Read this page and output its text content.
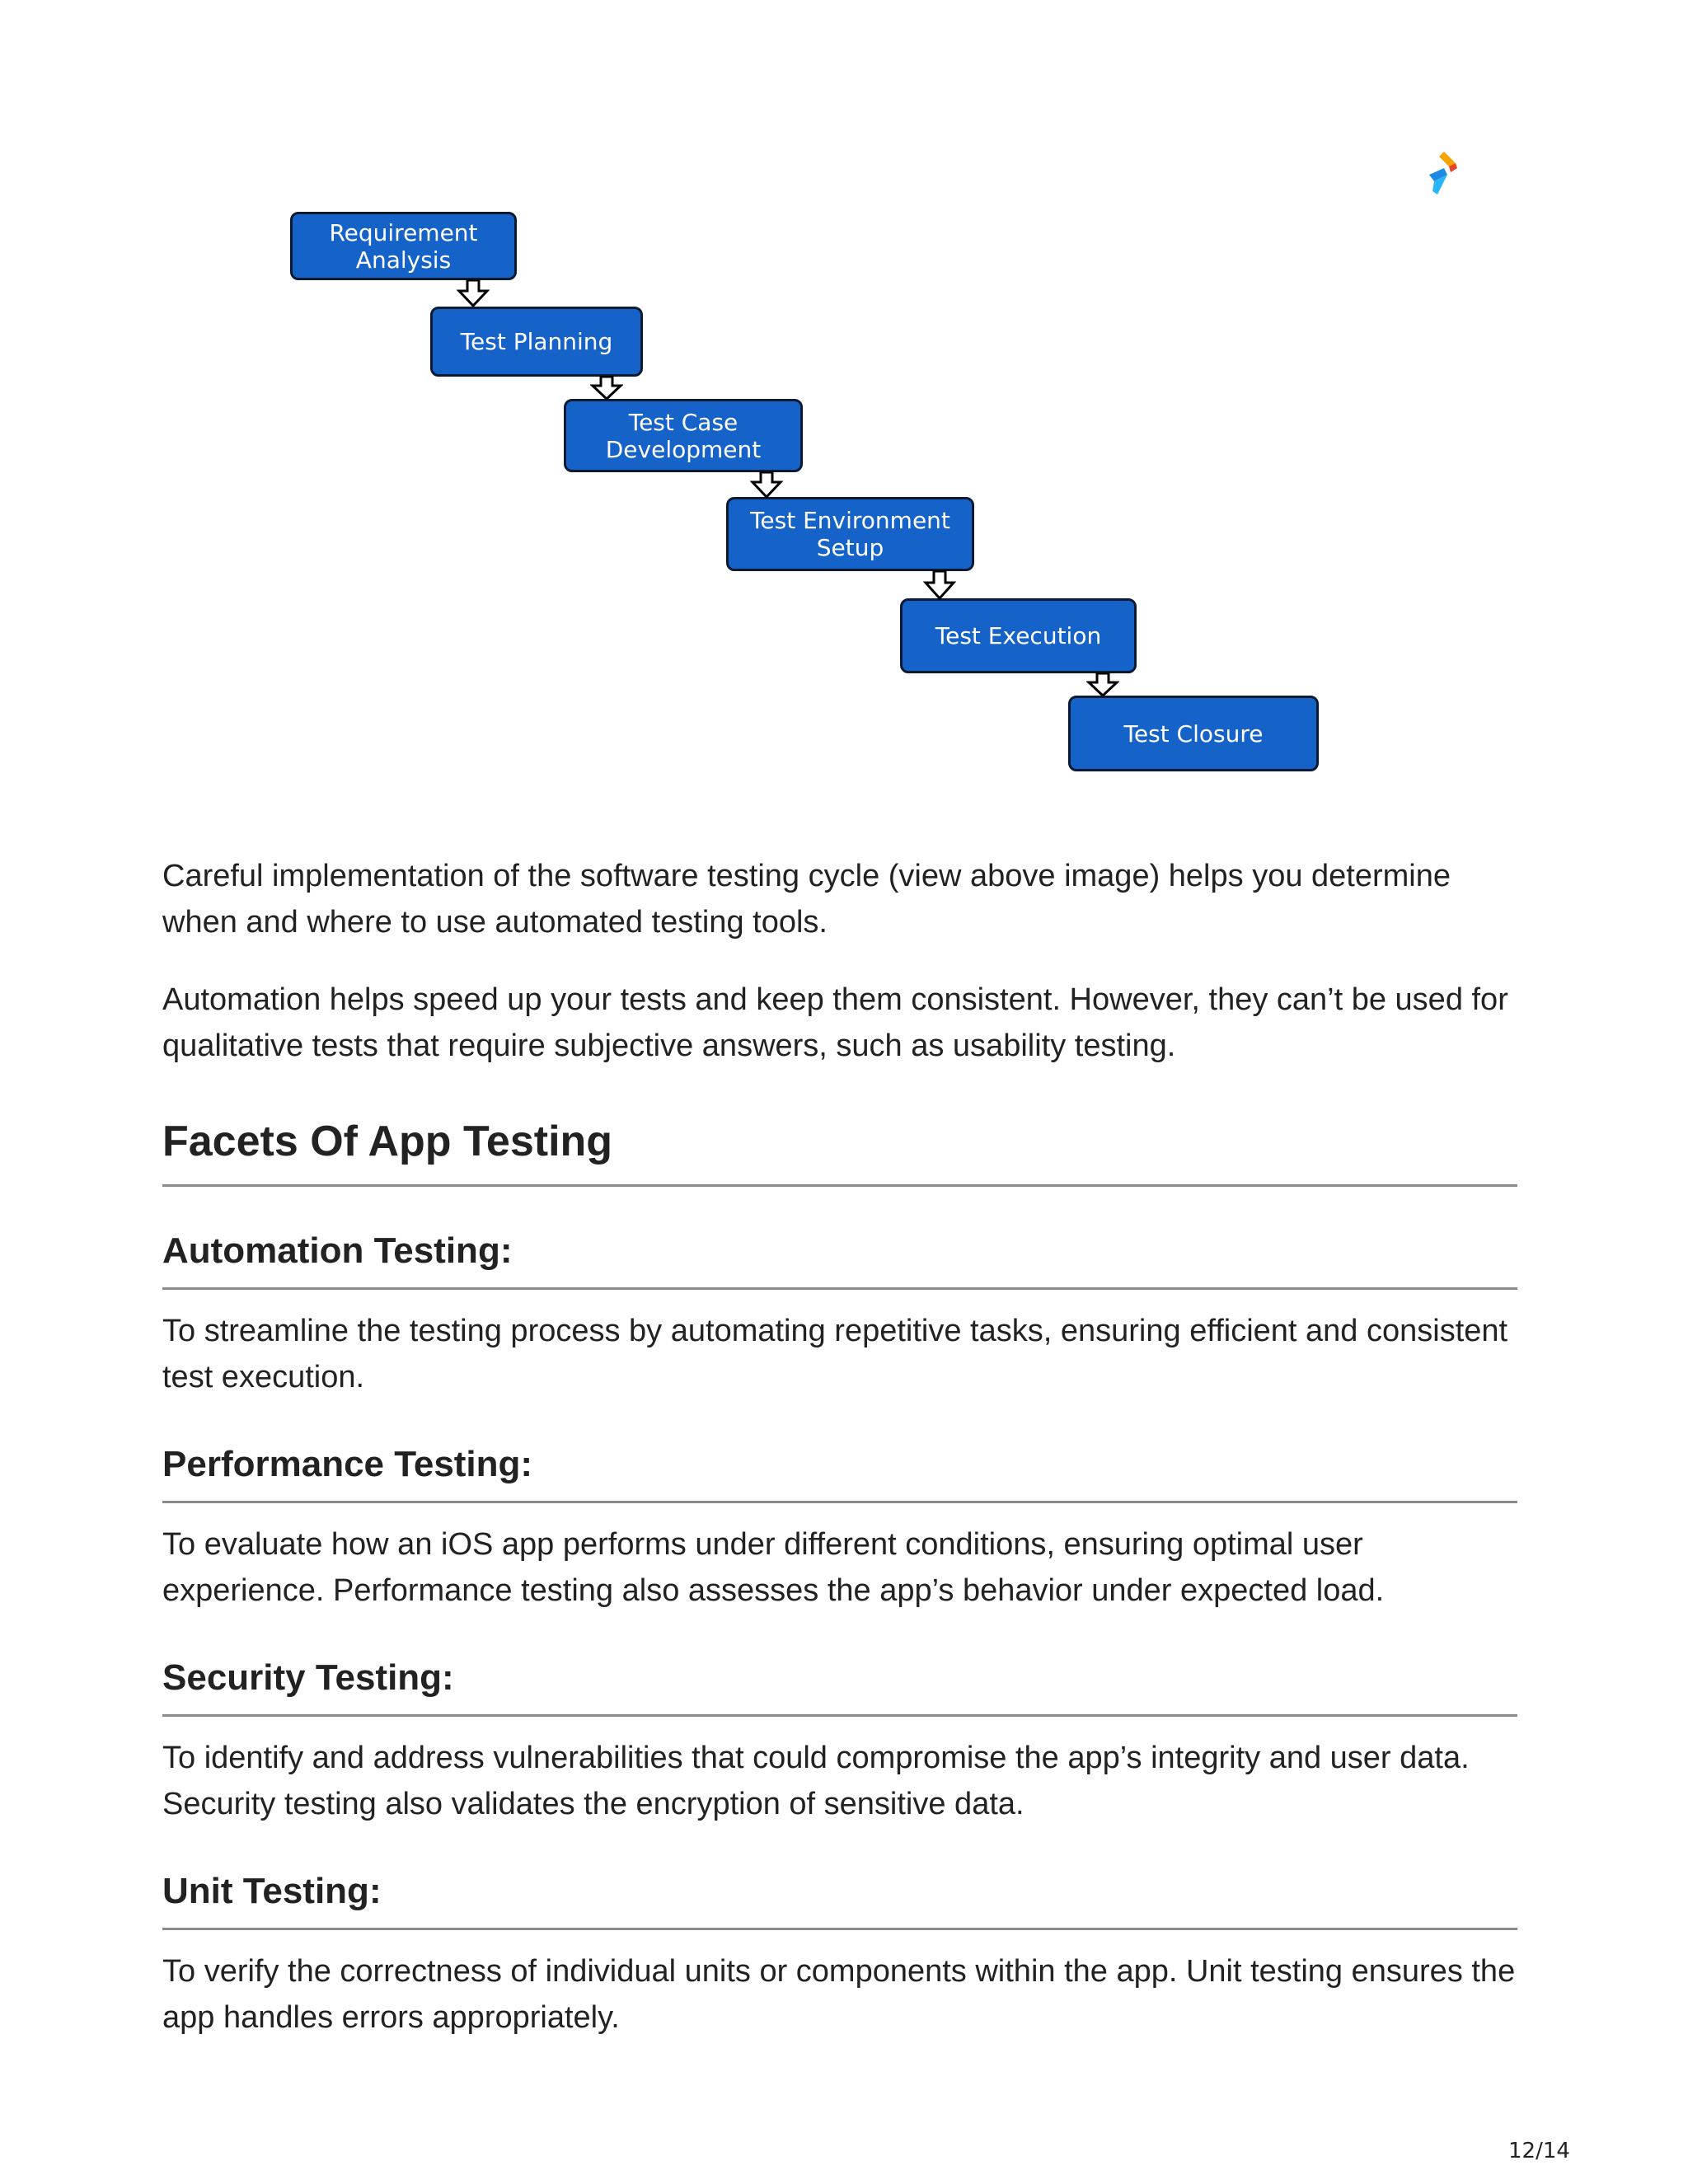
Requirement
Analysis
Test Planning
Test Case
Development
Test Environment
Setup
Test Execution
Test Closure

Careful implementation of the software testing cycle (view above image) helps you determine when and where to use automated testing tools.

Automation helps speed up your tests and keep them consistent. However, they can’t be used for qualitative tests that require subjective answers, such as usability testing.

Facets Of App Testing
Automation Testing:

To streamline the testing process by automating repetitive tasks, ensuring efficient and consistent test execution.

Performance Testing:

To evaluate how an iOS app performs under different conditions, ensuring optimal user experience. Performance testing also assesses the app’s behavior under expected load.

Security Testing:

To identify and address vulnerabilities that could compromise the app’s integrity and user data. Security testing also validates the encryption of sensitive data.

Unit Testing:

To verify the correctness of individual units or components within the app. Unit testing ensures the app handles errors appropriately.

12/14
